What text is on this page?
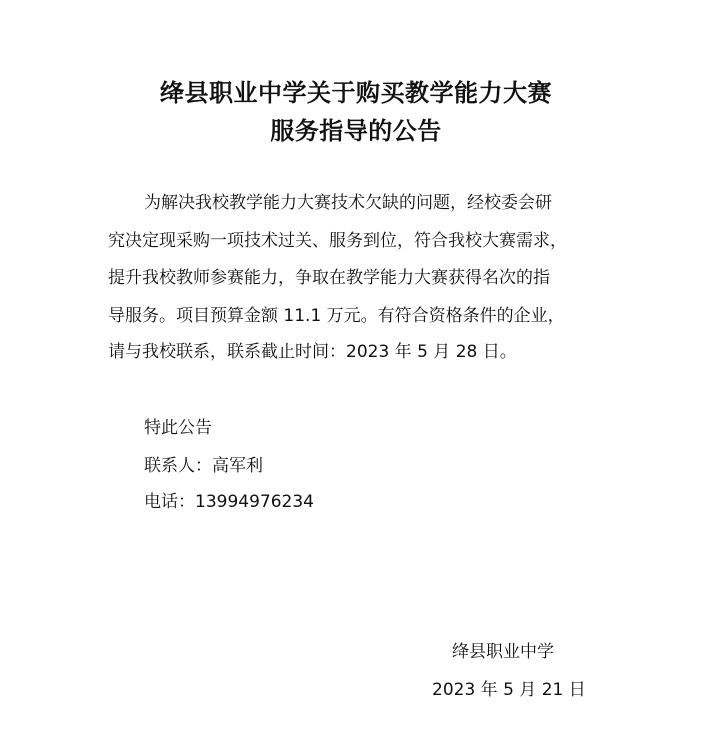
绛县职业中学关于购买教学能力大赛
服务指导的公告
为解决我校教学能力大赛技术欠缺的问题，经校委会研
究决定现采购一项技术过关、服务到位，符合我校大赛需求，
提升我校教师参赛能力，争取在教学能力大赛获得名次的指
导服务。项目预算金额 11.1 万元。有符合资格条件的企业，
请与我校联系，联系截止时间：2023 年 5 月 28 日。
特此公告
联系人：高军利
电话：13994976234
绛县职业中学
2023 年 5 月 21 日
